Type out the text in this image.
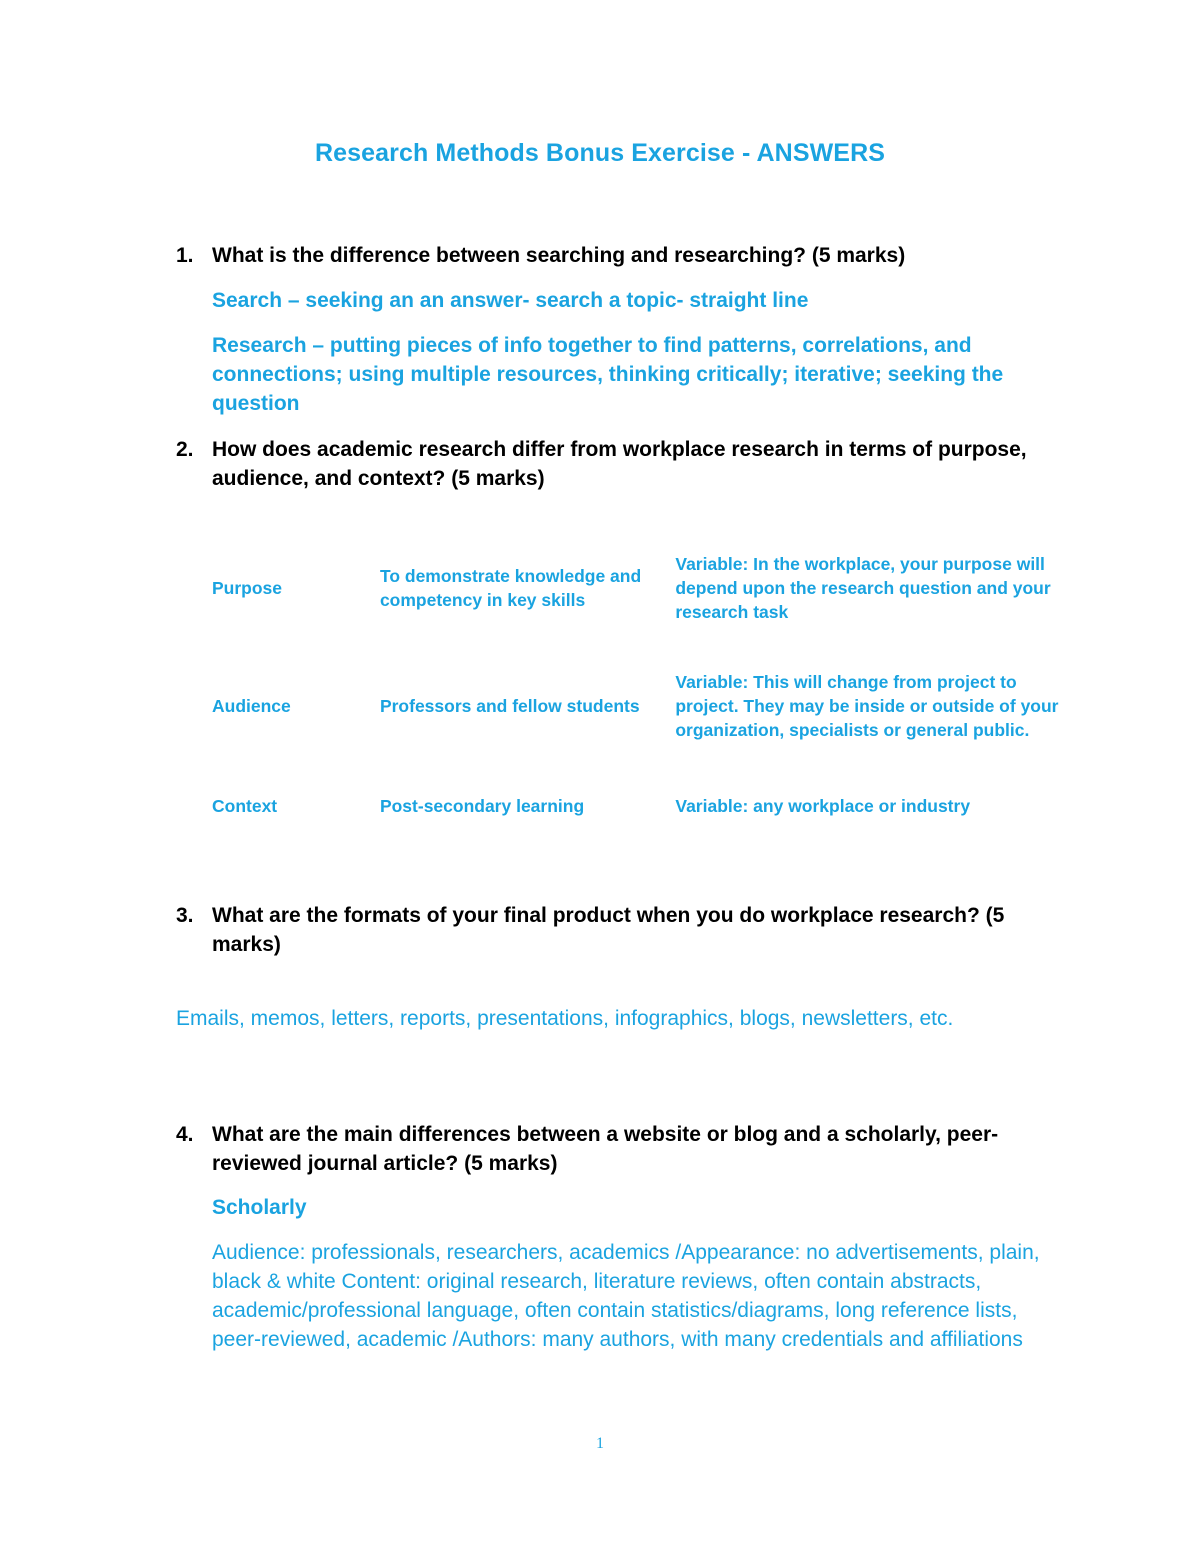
Research Methods Bonus Exercise - ANSWERS
1. What is the difference between searching and researching? (5 marks)
Search – seeking an an answer- search a topic- straight line
Research – putting pieces of info together to find patterns, correlations, and connections; using multiple resources, thinking critically; iterative; seeking the question
2. How does academic research differ from workplace research in terms of purpose, audience, and context? (5 marks)
Purpose	To demonstrate knowledge and competency in key skills	Variable: In the workplace, your purpose will depend upon the research question and your research task
Audience	Professors and fellow students	Variable: This will change from project to project. They may be inside or outside of your organization, specialists or general public.
Context	Post-secondary learning	Variable: any workplace or industry
3. What are the formats of your final product when you do workplace research? (5 marks)
Emails, memos, letters, reports, presentations, infographics, blogs, newsletters, etc.
4. What are the main differences between a website or blog and a scholarly, peer-reviewed journal article? (5 marks)
Scholarly
Audience: professionals, researchers, academics /Appearance: no advertisements, plain, black & white Content: original research, literature reviews, often contain abstracts, academic/professional language, often contain statistics/diagrams, long reference lists, peer-reviewed, academic /Authors: many authors, with many credentials and affiliations
1
